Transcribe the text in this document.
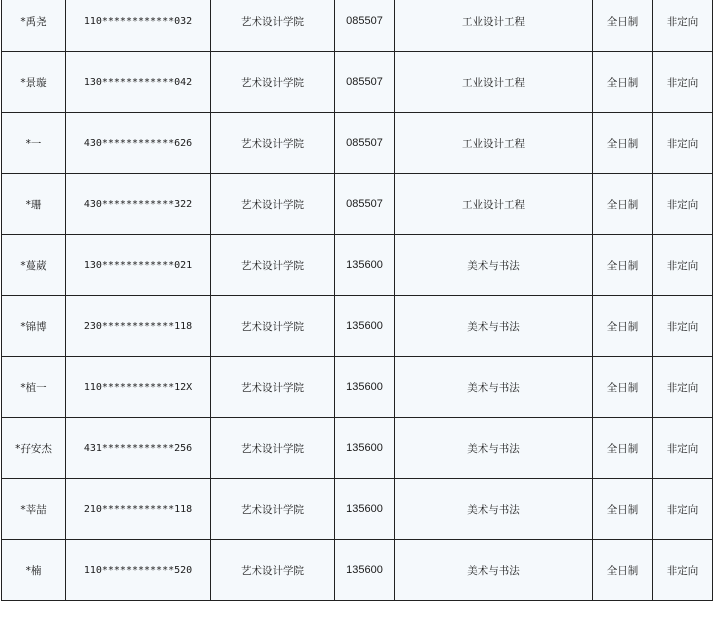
*禹尧	110************032	艺术设计学院	085507	工业设计工程	全日制	非定向
*景璇	130************042	艺术设计学院	085507	工业设计工程	全日制	非定向
*一	430************626	艺术设计学院	085507	工业设计工程	全日制	非定向
*珊	430************322	艺术设计学院	085507	工业设计工程	全日制	非定向
*蔓葳	130************021	艺术设计学院	135600	美术与书法	全日制	非定向
*锦博	230************118	艺术设计学院	135600	美术与书法	全日制	非定向
*植一	110************12X	艺术设计学院	135600	美术与书法	全日制	非定向
*孖安杰	431************256	艺术设计学院	135600	美术与书法	全日制	非定向
*莘喆	210************118	艺术设计学院	135600	美术与书法	全日制	非定向
*楠	110************520	艺术设计学院	135600	美术与书法	全日制	非定向
